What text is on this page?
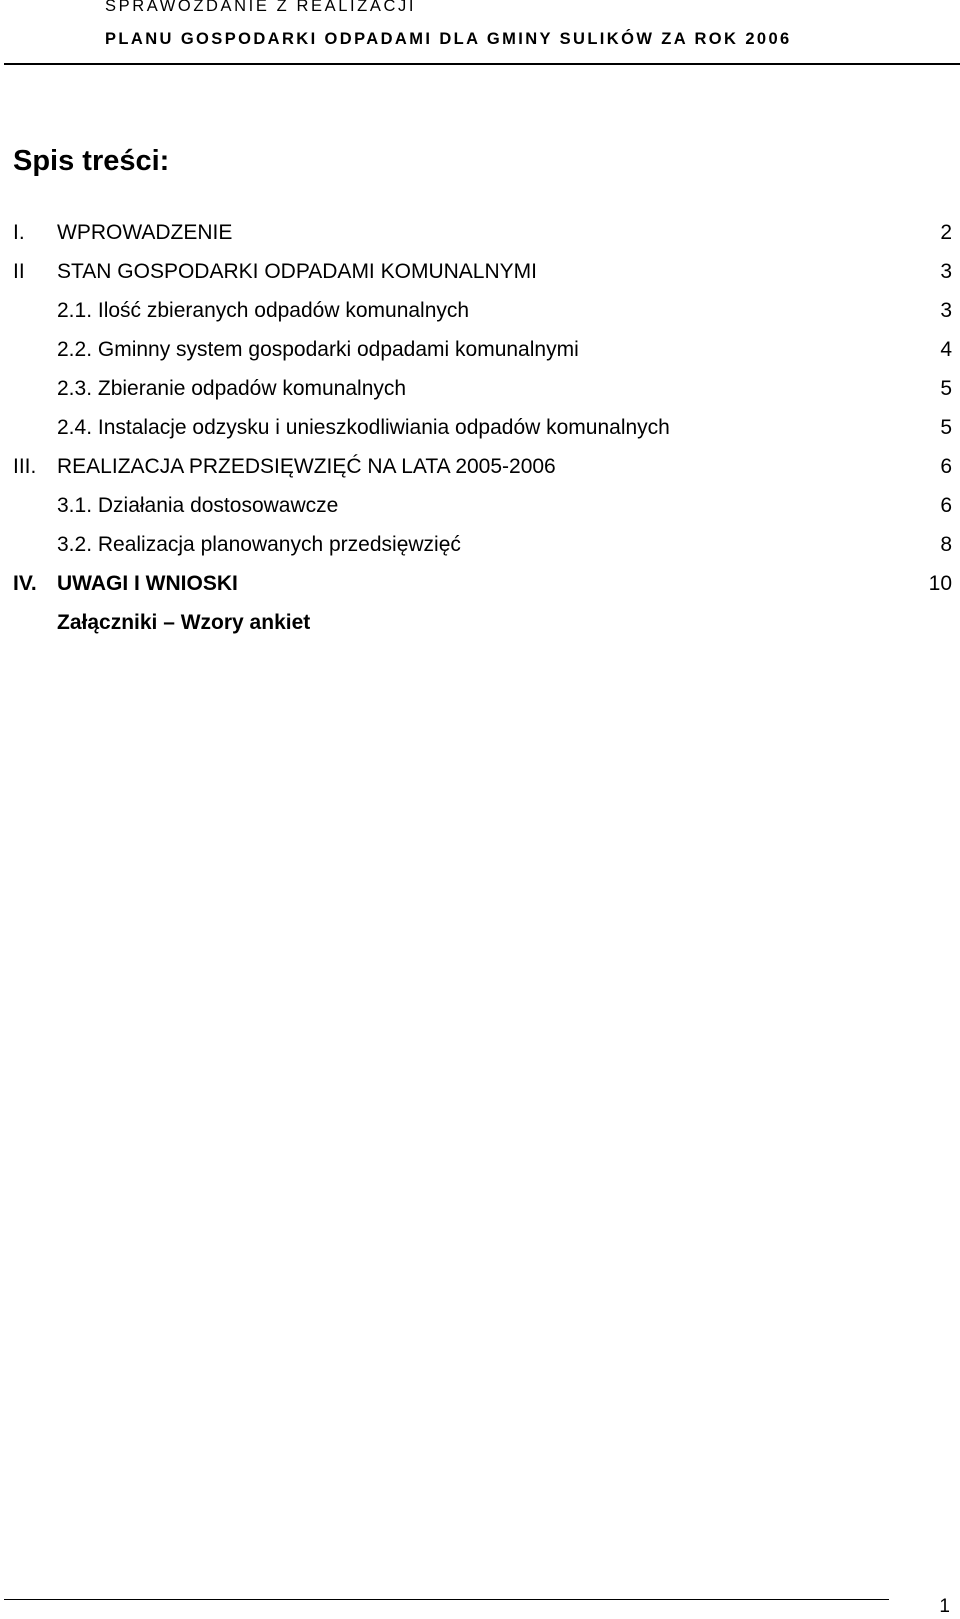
SPRAWOZDANIE Z REALIZACJI
PLANU GOSPODARKI ODPADAMI DLA GMINY SULIKÓW ZA ROK 2006
Spis treści:
I. WPROWADZENIE	2
II STAN GOSPODARKI ODPADAMI KOMUNALNYMI	3
2.1. Ilość zbieranych odpadów komunalnych	3
2.2. Gminny system gospodarki odpadami komunalnymi	4
2.3. Zbieranie odpadów komunalnych	5
2.4. Instalacje odzysku i unieszkodliwiania odpadów komunalnych	5
III. REALIZACJA PRZEDSIĘWZIĘĆ NA LATA 2005-2006	6
3.1. Działania dostosowawcze	6
3.2. Realizacja planowanych przedsięwzięć	8
IV. UWAGI I WNIOSKI	10
Załączniki – Wzory ankiet
1
